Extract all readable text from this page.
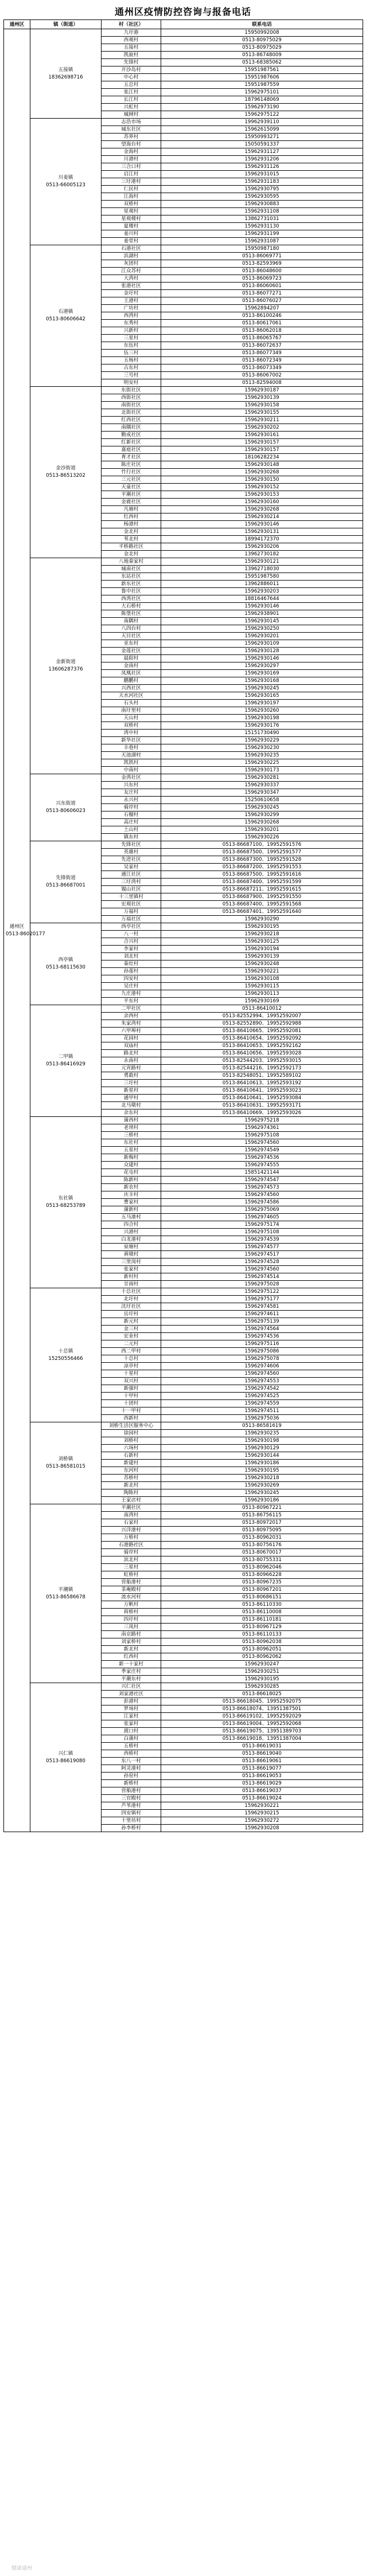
通州区疫情防控咨询与报备电话
通州区	镇（街道）	村（社区）	联系电话

通州区
0513-86020177	五接镇
18362698716	九圩港	15950992008
		西观村	0513-80975029
		五接村	0513-80975029
		凯旋村	0513-86748009
		先锋村	0513-68385062
		开沙岛村	15951987561
		中心村	15951987606
		五总村	15951987559
		张江村	15962975101
		长江村	18796148069
		兴虹村	15962973190
		城闸村	15962975122

	川姜镇
0513-66005123	志浩市场	19962939110
		城东社区	15962615099
		苏界村	15950993271
		望海台村	15050591337
		金海村	15962931127
		川港村	15962931206
		三合口村	15962931126
		启江村	15962931015
		三圩港村	15962931183
		仁民村	15962930795
		江海村	15962930595
		双桥村	15962930883
		星观村	15962931108
		星观楼村	13862731031
		夏楼村	15962931130
		姜川村	15962931199
		姜堂村	15962931087

	石港镇
0513-80606642	石港社区	15950987180
		浜湖村	0513-86069771
		灰团村	0513-82593969
		江众苏村	0513-86048600
		大湾村	0513-86069723
		张港社区	0513-86060601
		金圩村	0513-86077271
		王港村	0513-86076027
		广坊村	15962894207
		西湾村	0513-86100246
		东秀村	0513-80617061
		兴新村	0513-86062018
		三星村	0513-86065767
		东伍村	0513-86072637
		伍三村	0513-86077349
		五杨村	0513-86072349
		古东村	0513-86073349
		三号村	0513-86067002
		明安村	0513-82594008

	金沙街道
0513-86513202	东街社区	15962930187
		西街社区	15962930139
		南街社区	15962930158
		北街社区	15962930155
		红西社区	15962930211
		南隅社区	15962930202
		勤成社区	15962930161
		红新社区	15962930157
		嘉庭社区	15962930157
		育才社区	18106282234
		陈庄社区	15962930148
		竹行社区	15962930268
		三元社区	15962930150
		天童社区	15962930152
		平潮社区	15962930153
		金鹿社区	15962930160
		凡塘村	15962930268
		红西村	15962930214
		杨港村	15962930146
		金北村	15962930131
		苇北村	18994172370
		平桥路社区	15962930206
		金北村	13962730182

	金新街道
13606287376	八地秦家村	15962930121
		城南社区	13962718030
		东站社区	15951987580
		新东社区	13962886011
		鲁中社区	15962930203
		西湾社区	18816467644
		大石桥村	15962930146
		陈堡社区	15962938901
		南隅村	15962930145
		八四台村	15962930250
		天目社区	15962930201
		亚东村	15962930109
		金莲社区	15962930128
		晨阳村	15962930146
		金南村	15962930297
		凤凰社区	15962930169
		鹏鹏村	15962930168
		兴西社区	15962930245
		天水河社区	15962930165
		石头村	15962930197
		南圩里村	15962930260
		天山村	15962930198
		双桥村	15962930176
		湾中村	15151730490
		新华社区	15962930229
		丰巷村	15962930230
		天池湖村	15962930235
		凯凯村	15962930225
		中南村	15962930173

	兴东街道
0513-80606023	金湾社区	15962930281
		兴东村	15962930337
		友庄村	15962930347
		永兴村	15250610658
		骑岸村	15962930245
		石榴村	15962930299
		高庄村	15962930268
		土山村	15962930201
		镇东村	15962930226

	先锋街道
0513-86687001	先锋社区	0513-86687100、19952591576
		英雄村	0513-86687500、19952591577
		先进社区	0513-86687300、19952591528
		吴家村	0513-86687200、19952591553
		通江社区	0513-86687500、19952591616
		三圩湾村	0513-86687400、19952591599
		锡山社区	0513-86687211、19952591615
		十三里镇村	0513-86687900、19952591550
		宏观社区	0513-86687400、19952591568
		万福村	0513-86687401、19952591640
		万福社区	15962930290

	西亭镇
0513-68115630	西亭社区	15962930195
		八一村	15962930218
		合兴村	15962930125
		李家村	15962930194
		刘北村	15962930139
		秦灶村	15962930248
		孙莲村	15962930221
		四安村	15962930108
		吴庄村	15962930115
		九庄港村	15962930113
		平东村	15962930169

	二甲镇
0513-86416929	二甲社区	0513-86410012
		余西村	0513-82552994、19952592007
		朱家湾村	0513-82552890、19952592988
		六甲埠村	0513-86410665、19952592081
		花园村	0513-86410654、19952592092
		双庙村	0513-86410653、19952592162
		路北村	0513-86410656、19952593028
		永南村	0513-82544203、19952593015
		元宵路村	0513-82544216、19952592173
		勇敢村	0513-82548051、19952589102
		三圩村	0513-86410613、19952593192
		新星村	0513-86410641、19952593023
		通甲村	0513-86410641、19952593084
		北马墩村	0513-86410631、19952593171
		余东村	0513-86410669、19952593026

	东社镇
0513-68253789	蒲西村	15962975218
		老坝村	15962974361
		三桥村	15962975108
		东社村	15962974560
		五星村	15962974549
		新梅村	15962974536
		众建村	15962974555
		花屯村	15851421144
		陈新村	15962974547
		新农村	15962974573
		庆丰村	15962974560
		曹家村	15962974586
		蒲新村	15962975069
		五马港村	15962974605
		四合村	15962975174
		兴港村	15962975108
		白龙港村	15962974539
		泉塘村	15962974577
		黄墩村	15962974517
		三里岗村	15962974528
		张家村	15962974560
		新村村	15962974514
		甘雨村	15962975028

	十总镇
15250556466	十总社区	15962975122
		北圩村	15962975177
		沈圩社区	15962974581
		岳圩村	15962974611
		新元村	15962975139
		金三村	15962974564
		宏业村	15962974536
		二元村	15962975116
		西二甲村	15962975086
		十总村	15962975078
		凉亭村	15962974606
		十星村	15962974560
		双兴村	15962974553
		新强村	15962974542
		十甲村	15962974525
		十团村	15962974559
		十一甲村	15962974511
		西新村	15962975036

	刘桥镇
0513-86581015	刘桥生活区服务中心	0513-86581619
		徐园村	15962930235
		刘桥村	15962930198
		六场村	15962930129
		石新村	15962930144
		新建村	15962930186
		东河村	15962930195
		苏桥村	15962930218
		新北村	15962930269
		陶陈村	15962930245
		王家店村	15962930186

	平潮镇
0513-86586678	平潮社区	0513-80967221
		南湾村	0513-86756115
		石家村	0513-80972017
		兴洋港村	0513-80975095
		万桥村	0513-80962031
		石港路社区	0513-80756176
		骑岸村	0513-80670017
		滨北村	0513-80755331
		三星村	0513-80962046
		虹桥村	0513-80966228
		营船港村	0513-80967235
		茶庵殿村	0513-80967201
		流水河村	0513-80686151
		万帆村	0513-86110330
		荷桥村	0513-86110008
		四圩村	0513-86110181
		三凤村	0513-80967129
		南京路村	0513-86110133
		刘家桥村	0513-80962038
		新北村	0513-80962051
		红西村	0513-80962062
		新一十家村	15962930247
		季家庄村	15962930251
		平潮东村	15962930195

	兴仁镇
0513-86619080	兴仁社区	15962930285
		刘家港社区	0513-86618025
		彭港村	0513-86618045、19952592075
		罗场村	0513-86618074、13951387501
		江家村	0513-86619102、19952592029
		张家村	0513-86619004、19952592068
		渡口村	0513-86619075、13951389703
		白蒲村	0513-86619018、13951387004
		五桥村	0513-86619031
		西桥村	0513-86619040
		东八一村	0513-86619061
		阿灵港村	0513-86619077
		孙窑村	0513-86619053
		新桥村	0513-86619029
		营船港村	0513-86619037
		三官殿村	0513-86619024
		芦苇港村	15962930221
		四安镇村	15962930215
		十里坊村	15962930272
		孙李桥村	15962930208
健康通州
